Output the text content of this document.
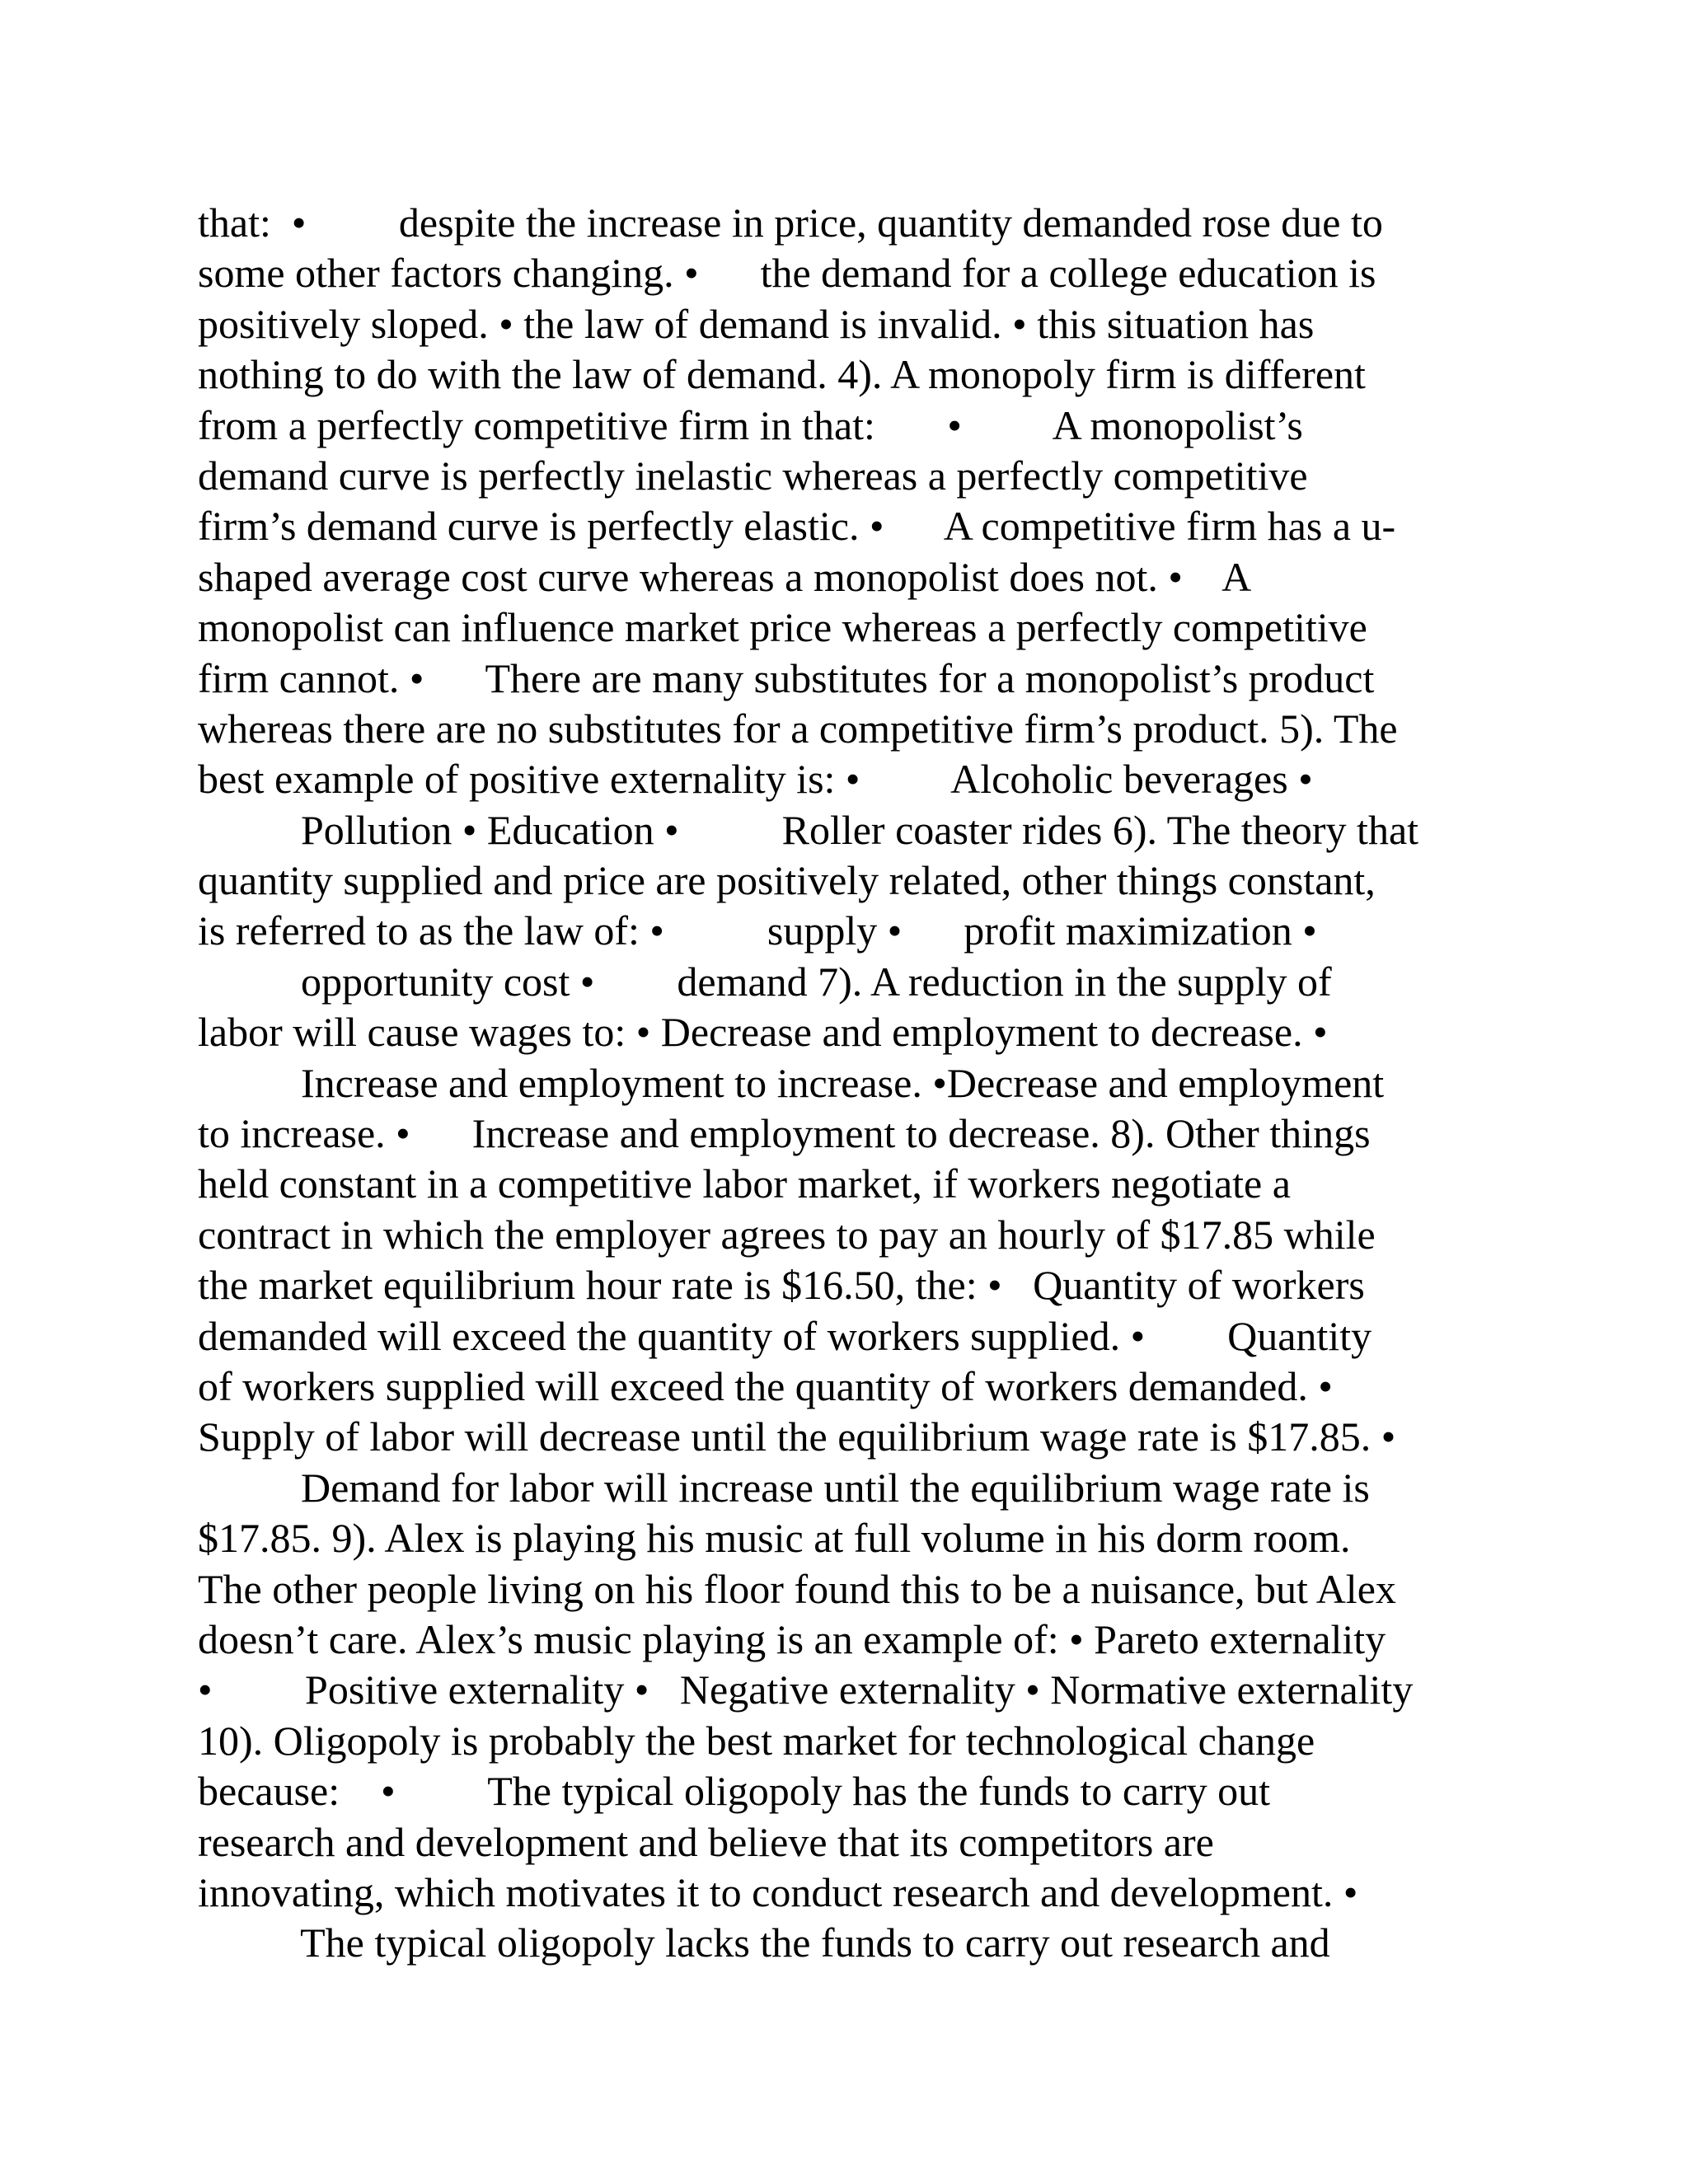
that:  •         despite the increase in price, quantity demanded rose due to
some other factors changing. •      the demand for a college education is
positively sloped. • the law of demand is invalid. • this situation has
nothing to do with the law of demand. 4). A monopoly firm is different
from a perfectly competitive firm in that:       •         A monopolist’s
demand curve is perfectly inelastic whereas a perfectly competitive
firm’s demand curve is perfectly elastic. •      A competitive firm has a u-
shaped average cost curve whereas a monopolist does not. •    A
monopolist can influence market price whereas a perfectly competitive
firm cannot. •      There are many substitutes for a monopolist’s product
whereas there are no substitutes for a competitive firm’s product. 5). The
best example of positive externality is: •         Alcoholic beverages •
Pollution • Education •          Roller coaster rides 6). The theory that
quantity supplied and price are positively related, other things constant,
is referred to as the law of: •          supply •      profit maximization •
opportunity cost •        demand 7). A reduction in the supply of
labor will cause wages to: • Decrease and employment to decrease. •
Increase and employment to increase. •Decrease and employment
to increase. •      Increase and employment to decrease. 8). Other things
held constant in a competitive labor market, if workers negotiate a
contract in which the employer agrees to pay an hourly of $17.85 while
the market equilibrium hour rate is $16.50, the: •   Quantity of workers
demanded will exceed the quantity of workers supplied. •        Quantity
of workers supplied will exceed the quantity of workers demanded. •
Supply of labor will decrease until the equilibrium wage rate is $17.85. •
Demand for labor will increase until the equilibrium wage rate is
$17.85. 9). Alex is playing his music at full volume in his dorm room.
The other people living on his floor found this to be a nuisance, but Alex
doesn’t care. Alex’s music playing is an example of: • Pareto externality
•         Positive externality •   Negative externality • Normative externality
10). Oligopoly is probably the best market for technological change
because:    •         The typical oligopoly has the funds to carry out
research and development and believe that its competitors are
innovating, which motivates it to conduct research and development. •
The typical oligopoly lacks the funds to carry out research and
